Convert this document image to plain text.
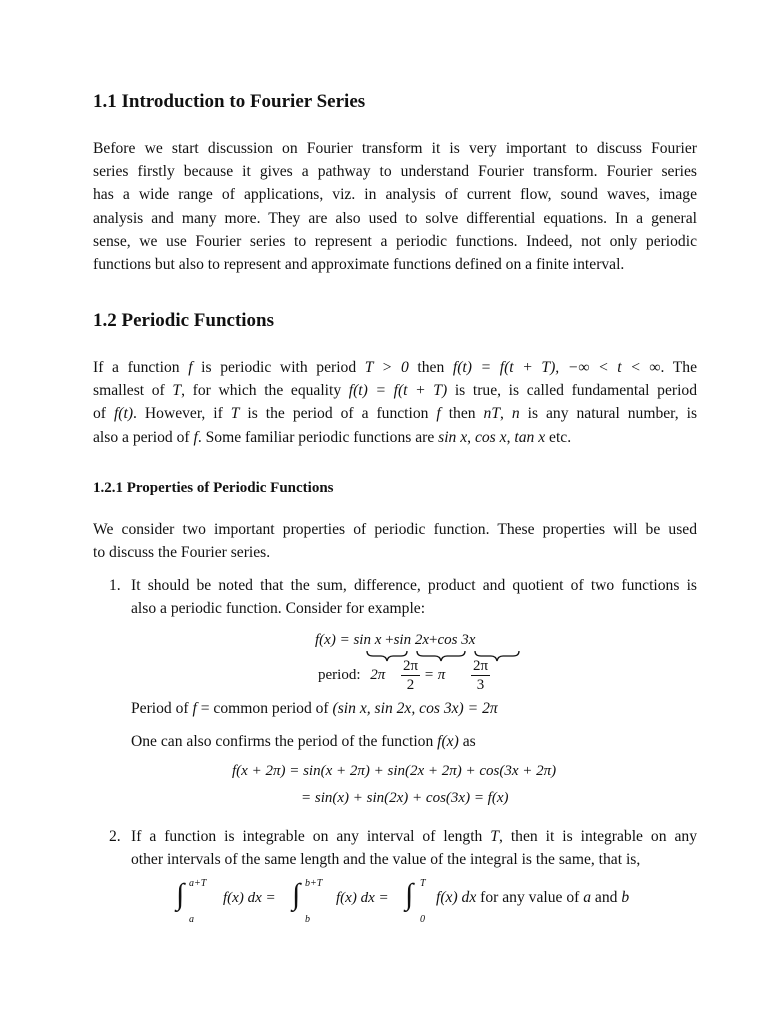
1.1 Introduction to Fourier Series
Before we start discussion on Fourier transform it is very important to discuss Fourier
series firstly because it gives a pathway to understand Fourier transform. Fourier series
has a wide range of applications, viz. in analysis of current flow, sound waves, image
analysis and many more. They are also used to solve differential equations. In a general
sense, we use Fourier series to represent a periodic functions. Indeed, not only periodic
functions but also to represent and approximate functions defined on a finite interval.
1.2 Periodic Functions
If a function f is periodic with period T > 0 then f(t) = f(t + T), −∞ < t < ∞. The
smallest of T, for which the equality f(t) = f(t + T) is true, is called fundamental period
of f(t). However, if T is the period of a function f then nT, n is any natural number, is
also a period of f. Some familiar periodic functions are sin x, cos x, tan x etc.
1.2.1 Properties of Periodic Functions
We consider two important properties of periodic function. These properties will be used
to discuss the Fourier series.
1. It should be noted that the sum, difference, product and quotient of two functions is
also a periodic function. Consider for example:
f(x) = sin x +sin 2x+cos 3x
period: $2\pi \frac{2\pi}{2} = \pi \frac{2\pi}{3}$
Period of f = common period of (sin x, sin 2x, cos 3x) = 2π
One can also confirms the period of the function f(x) as
f(x + 2π) = sin(x + 2π) + sin(2x + 2π) + cos(3x + 2π)
= sin(x) + sin(2x) + cos(3x) = f(x)
2. If a function is integrable on any interval of length T, then it is integrable on any
other intervals of the same length and the value of the integral is the same, that is,
∫ a+T
a
f(x) dx = ∫ b+T
b
f(x) dx = ∫ T
0
f(x) dx for any value of a and b
